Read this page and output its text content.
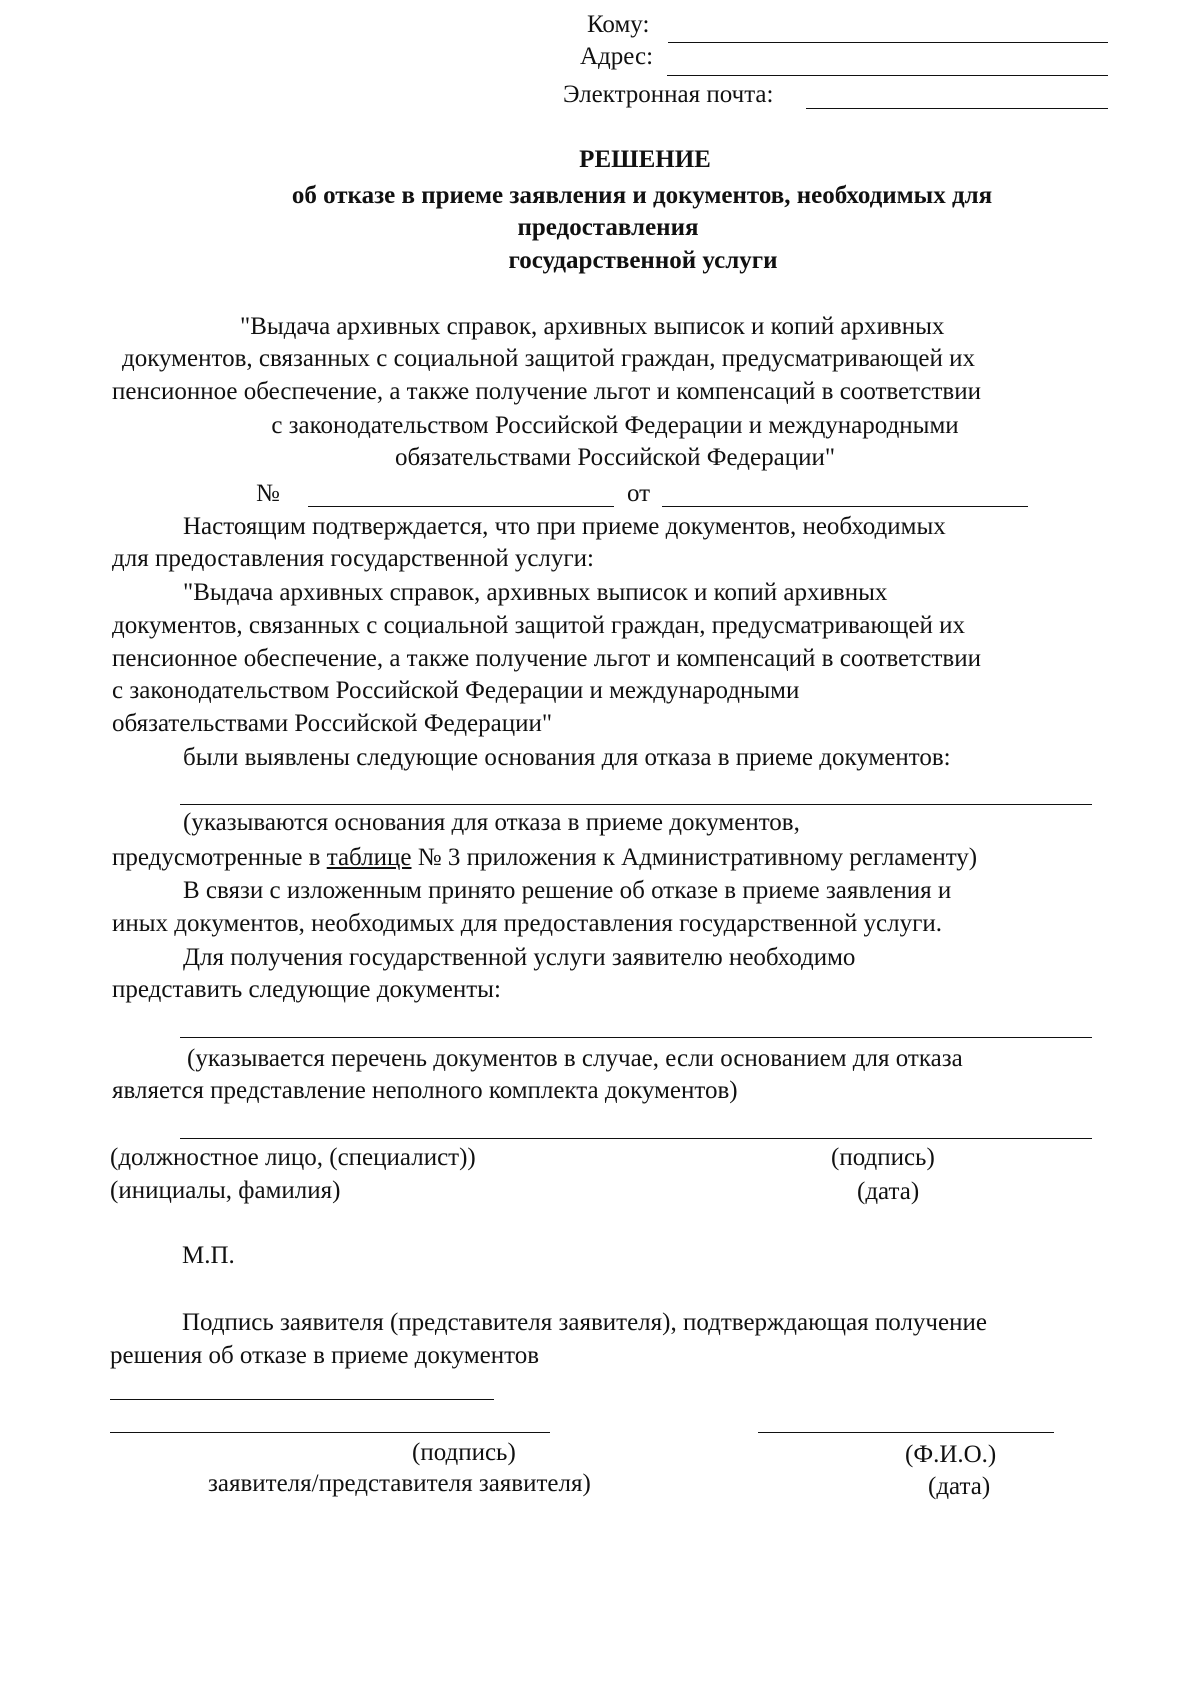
Кому:

Адрес:

Электронная почта:

РЕШЕНИЕ

об отказе в приеме заявления и документов, необходимых для

предоставления

государственной услуги

"Выдача архивных справок, архивных выписок и копий архивных

документов, связанных с социальной защитой граждан, предусматривающей их

пенсионное обеспечение, а также получение льгот и компенсаций в соответствии

с законодательством Российской Федерации и международными

обязательствами Российской Федерации"

№	от

Настоящим подтверждается, что при приеме документов, необходимых

для предоставления государственной услуги:

"Выдача архивных справок, архивных выписок и копий архивных

документов, связанных с социальной защитой граждан, предусматривающей их

пенсионное обеспечение, а также получение льгот и компенсаций в соответствии

с законодательством Российской Федерации и международными

обязательствами Российской Федерации"

были выявлены следующие основания для отказа в приеме документов:

(указываются основания для отказа в приеме документов,

предусмотренные в таблице № 3 приложения к Административному регламенту)

В связи с изложенным принято решение об отказе в приеме заявления и

иных документов, необходимых для предоставления государственной услуги.

Для получения государственной услуги заявителю необходимо

представить следующие документы:

(указывается перечень документов в случае, если основанием для отказа

является представление неполного комплекта документов)

(должностное лицо, (специалист))

(инициалы, фамилия)

(подпись)

(дата)

М.П.

Подпись заявителя (представителя заявителя), подтверждающая получение

решения об отказе в приеме документов

(подпись)

заявителя/представителя заявителя)

(Ф.И.О.)

(дата)
